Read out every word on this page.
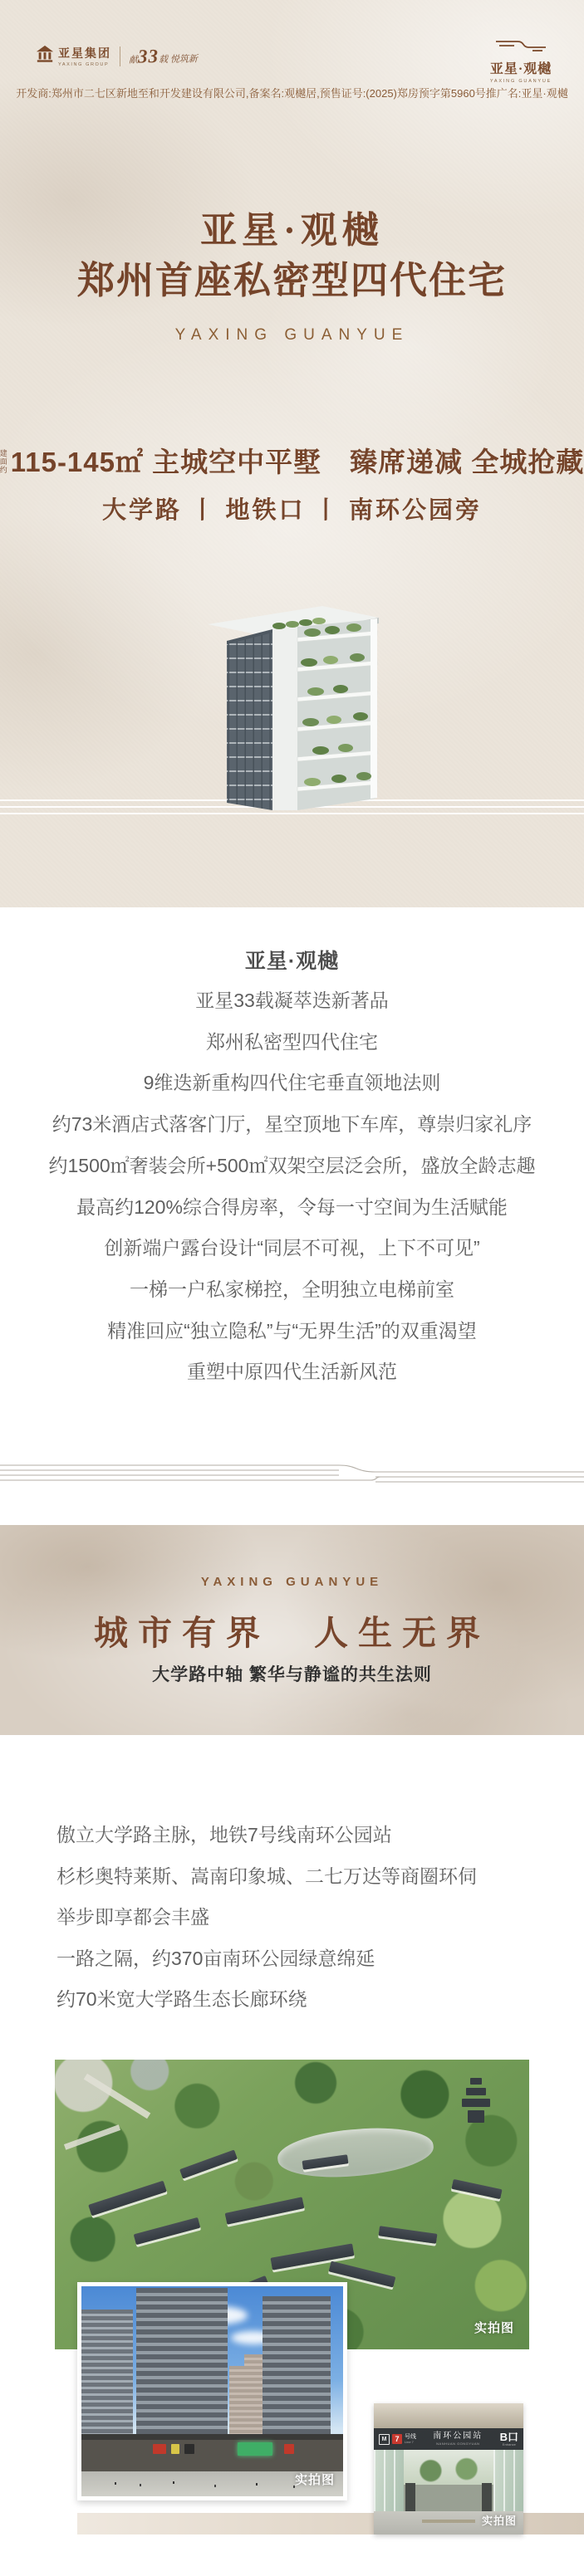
亚星集团
YAXING GROUP 献33载 悦筑新
亚星·观樾
YAXING GUANYUE
开发商:郑州市二七区新地至和开发建设有限公司,备案名:观樾居,预售证号:(2025)郑房预字第5960号推广名:亚星·观樾
亚星·观樾
郑州首座私密型四代住宅
YAXING GUANYUE
建面
约 115-145㎡ 主城空中平墅　臻席递减 全城抢藏
大学路 丨 地铁口 丨 南环公园旁
亚星·观樾

亚星33载凝萃迭新著品

郑州私密型四代住宅

9维迭新重构四代住宅垂直领地法则

约73米酒店式落客门厅，星空顶地下车库，尊崇归家礼序

约1500㎡奢装会所+500㎡双架空层泛会所，盛放全龄志趣

最高约120%综合得房率，令每一寸空间为生活赋能

创新端户露台设计“同层不可视，上下不可见”

一梯一户私家梯控，全明独立电梯前室

精准回应“独立隐私”与“无界生活”的双重渴望

重塑中原四代生活新风范

YAXING GUANYUE
城市有界　人生无界
大学路中轴 繁华与静谧的共生法则

傲立大学路主脉，地铁7号线南环公园站

杉杉奥特莱斯、嵩南印象城、二七万达等商圈环伺

举步即享都会丰盛

一路之隔，约370亩南环公园绿意绵延

约70米宽大学路生态长廊环绕

实拍图
实拍图
M	7 号线
Line 7
南环公园站
NANHUAN GONGYUAN
B口
Entrance
实拍图
